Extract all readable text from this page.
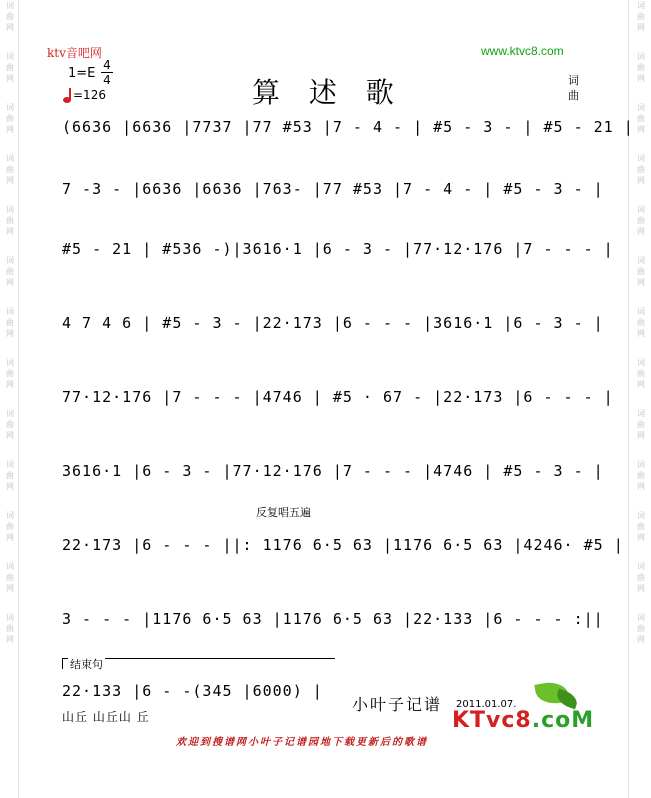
词
曲
网
词
曲
网
词
曲
网
词
曲
网
词
曲
网
词
曲
网
词
曲
网
词
曲
网
词
曲
网
词
曲
网
词
曲
网
词
曲
网
词
曲
网
词
曲
网
词
曲
网
词
曲
网
词
曲
网
词
曲
网
词
曲
网
词
曲
网
词
曲
网
词
曲
网
词
曲
网
词
曲
网
词
曲
网
词
曲
网
ktv音吧网	www.ktvc8.com
算 述 歌
1=E
4
4
=126
词
曲
(6636 |6636 |7737 |77 #53 |7 - 4 - | #5 - 3 - | #5 - 21 |
7 -3 - |6636 |6636 |763- |77 #53 |7 - 4 - | #5 - 3 - |
#5 - 21 | #536 -)|3616·1 |6 - 3 - |77·12·176 |7 - - - |
4 7 4 6 | #5 - 3 - |22·173 |6 - - - |3616·1 |6 - 3 - |
77·12·176 |7 - - - |4746 | #5 · 67 - |22·173 |6 - - - |
3616·1 |6 - 3 - |77·12·176 |7 - - - |4746 | #5 - 3 - |
反复唱五遍
22·173 |6 - - - ||: 1176 6·5 63 |1176 6·5 63 |4246· #5 |
3 - - - |1176 6·5 63 |1176 6·5 63 |22·133 |6 - - - :||
结束句
22·133 |6 - -(345 |6000) |
山丘 山丘山 丘
小叶子记谱 2011.01.07.
KTvc8.coM
欢迎到搜谱网小叶子记谱园地下载更新后的歌谱
